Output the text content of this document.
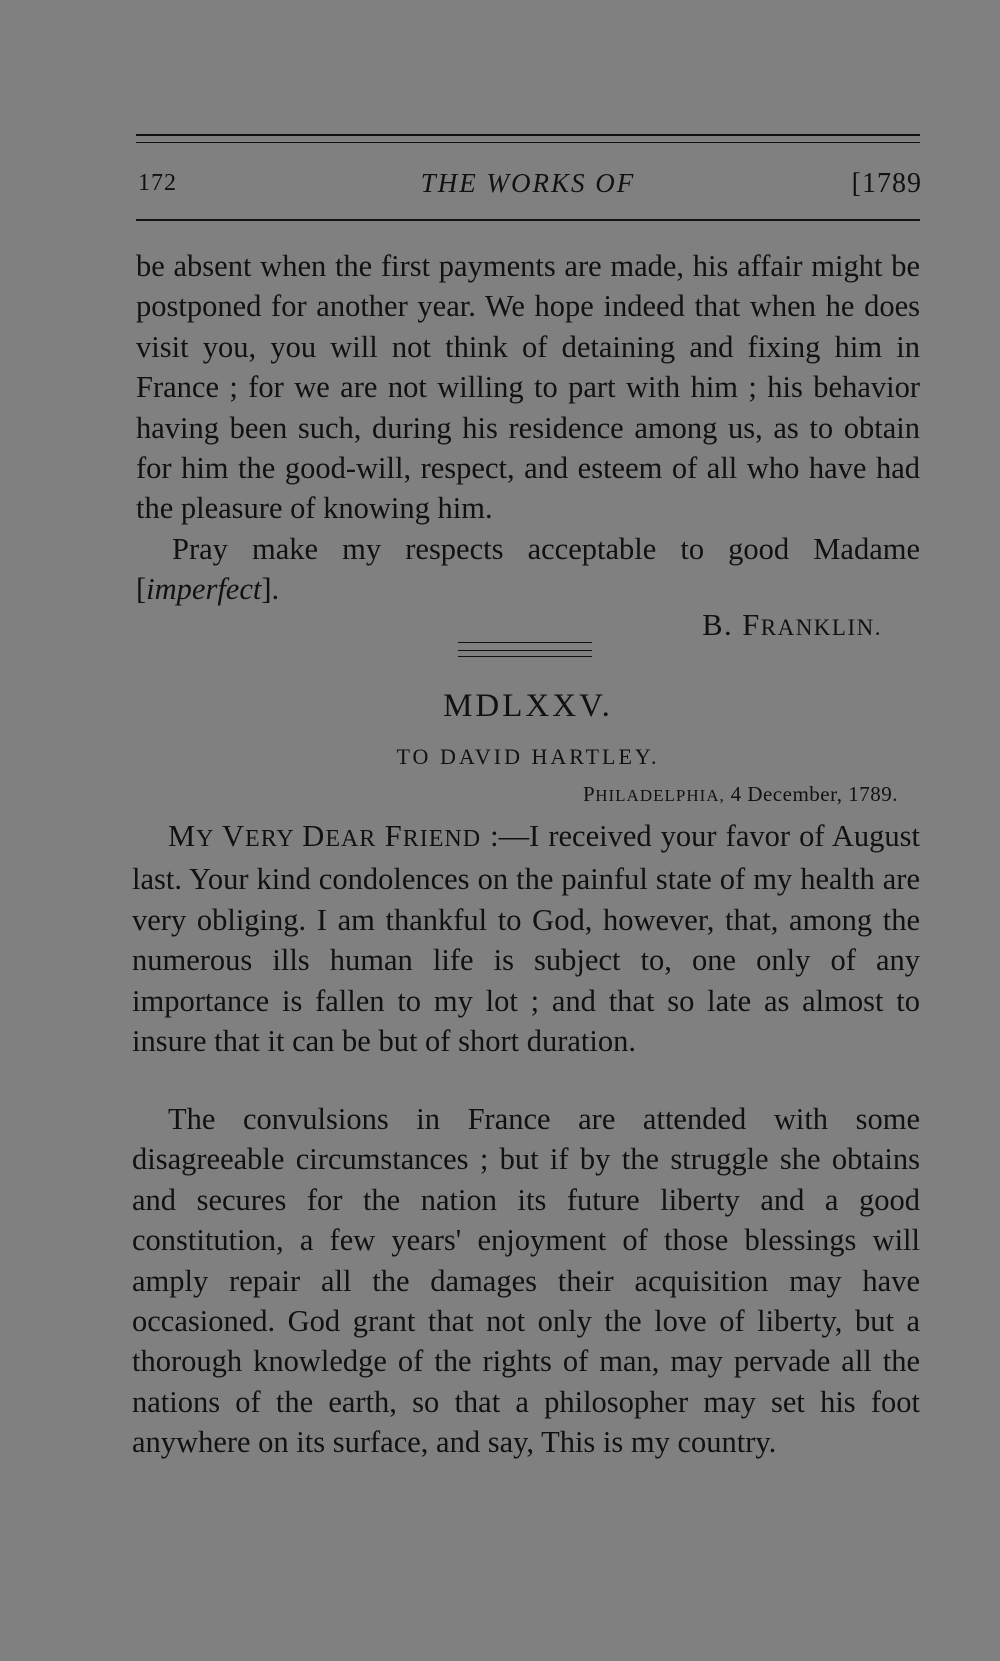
172	THE WORKS OF	[1789

be absent when the first payments are made, his affair might be postponed for another year. We hope indeed that when he does visit you, you will not think of detaining and fixing him in France ; for we are not willing to part with him ; his behavior having been such, during his residence among us, as to obtain for him the good-will, respect, and esteem of all who have had the pleasure of knowing him.

Pray make my respects acceptable to good Madame [imperfect].

B. FRANKLIN.
MDLXXV.
TO DAVID HARTLEY.
PHILADELPHIA, 4 December, 1789.

MY VERY DEAR FRIEND :—I received your favor of August last. Your kind condolences on the painful state of my health are very obliging. I am thankful to God, however, that, among the numerous ills human life is subject to, one only of any importance is fallen to my lot ; and that so late as almost to insure that it can be but of short duration.

The convulsions in France are attended with some disagreeable circumstances ; but if by the struggle she obtains and secures for the nation its future liberty and a good constitution, a few years' enjoyment of those blessings will amply repair all the damages their acquisition may have occasioned. God grant that not only the love of liberty, but a thorough knowledge of the rights of man, may pervade all the nations of the earth, so that a philosopher may set his foot anywhere on its surface, and say, This is my country.
